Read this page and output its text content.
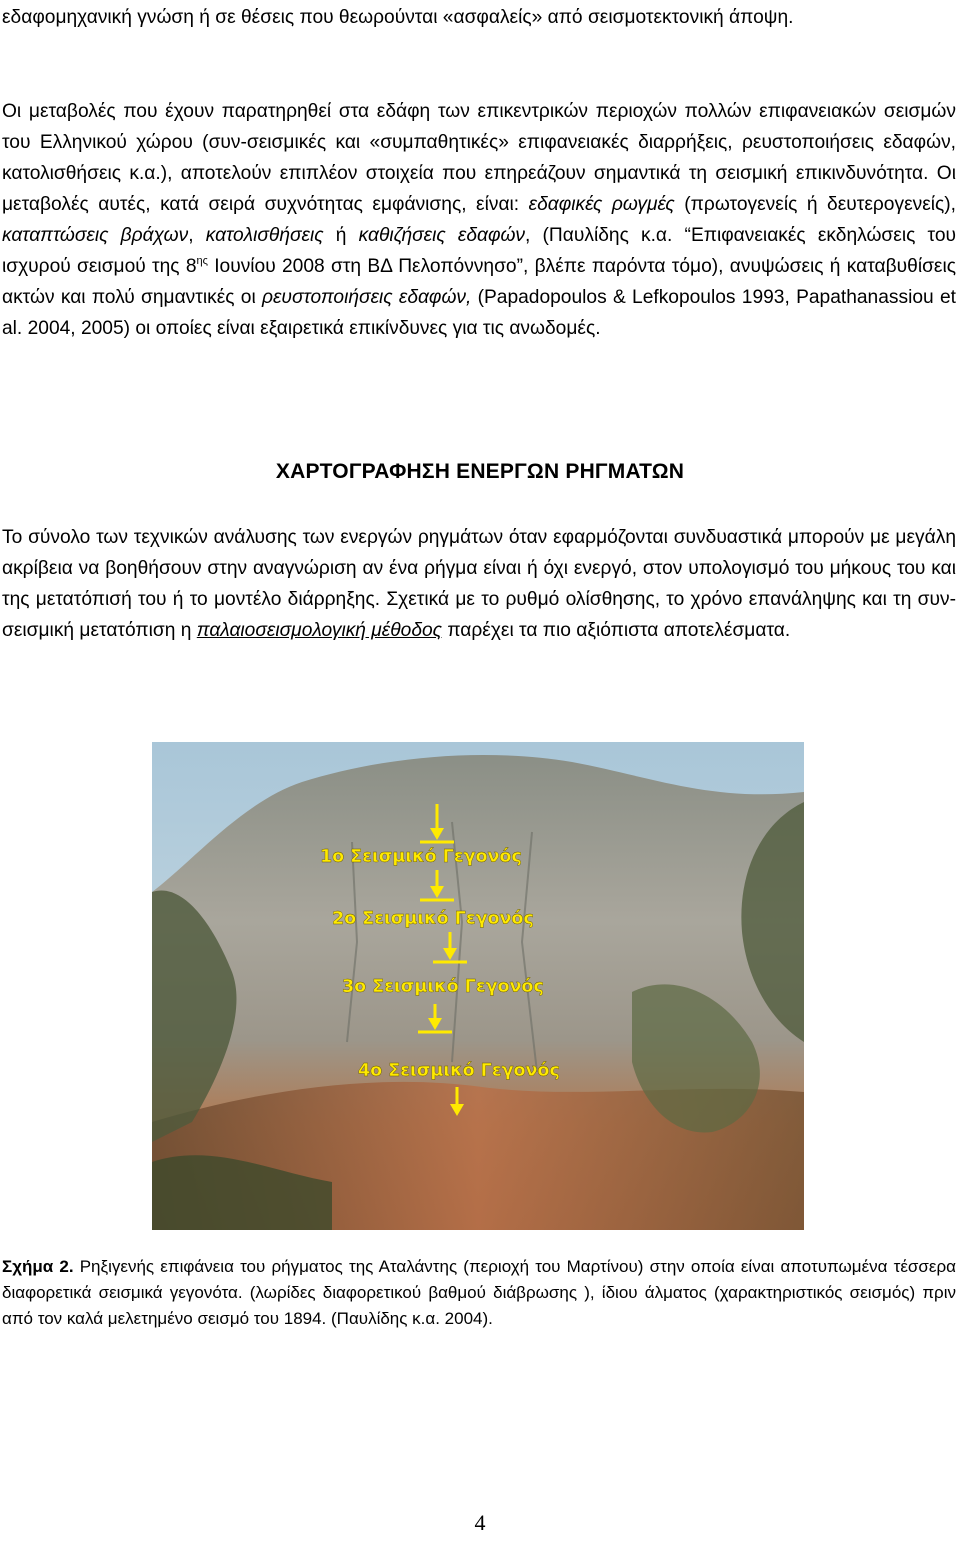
εδαφομηχανική γνώση ή σε θέσεις που θεωρούνται «ασφαλείς» από σεισμοτεκτονική άποψη.

Οι μεταβολές που έχουν παρατηρηθεί στα εδάφη των επικεντρικών περιοχών πολλών επιφανειακών σεισμών του Ελληνικού χώρου (συν-σεισμικές και «συμπαθητικές» επιφανειακές διαρρήξεις, ρευστοποιήσεις εδαφών, κατολισθήσεις κ.α.), αποτελούν επιπλέον στοιχεία που επηρεάζουν σημαντικά τη σεισμική επικινδυνότητα. Οι μεταβολές αυτές, κατά σειρά συχνότητας εμφάνισης, είναι: εδαφικές ρωγμές (πρωτογενείς ή δευτερογενείς), καταπτώσεις βράχων, κατολισθήσεις ή καθιζήσεις εδαφών, (Παυλίδης κ.α. “Επιφανειακές εκδηλώσεις του ισχυρού σεισμού της $8^{\eta\varsigma}$ Ιουνίου 2008 στη ΒΔ Πελοπόννησο”, βλέπε παρόντα τόμο), ανυψώσεις ή καταβυθίσεις ακτών και πολύ σημαντικές οι ρευστοποιήσεις εδαφών, (Papadopoulos & Lefkopoulos 1993, Papathanassiou et al. 2004, 2005) οι οποίες είναι εξαιρετικά επικίνδυνες για τις ανωδομές.

ΧΑΡΤΟΓΡΑΦΗΣΗ ΕΝΕΡΓΩΝ ΡΗΓΜΑΤΩΝ

Το σύνολο των τεχνικών ανάλυσης των ενεργών ρηγμάτων όταν εφαρμόζονται συνδυαστικά μπορούν με μεγάλη ακρίβεια να βοηθήσουν στην αναγνώριση αν ένα ρήγμα είναι ή όχι ενεργό, στον υπολογισμό του μήκους του και της μετατόπισή του ή το μοντέλο διάρρηξης. Σχετικά με το ρυθμό ολίσθησης, το χρόνο επανάληψης και τη συν-σεισμική μετατόπιση η παλαιοσεισμολογική μέθοδος παρέχει τα πιο αξιόπιστα αποτελέσματα.

1ο Σεισμικό Γεγονός
2ο Σεισμικό Γεγονός
3ο Σεισμικό Γεγονός
4ο Σεισμικό Γεγονός

Σχήμα 2. Ρηξιγενής επιφάνεια του ρήγματος της Αταλάντης (περιοχή του Μαρτίνου) στην οποία είναι αποτυπωμένα τέσσερα διαφορετικά σεισμικά γεγονότα. (λωρίδες διαφορετικού βαθμού διάβρωσης ), ίδιου άλματος (χαρακτηριστικός σεισμός) πριν από τον καλά μελετημένο σεισμό του 1894. (Παυλίδης κ.α. 2004).

4
